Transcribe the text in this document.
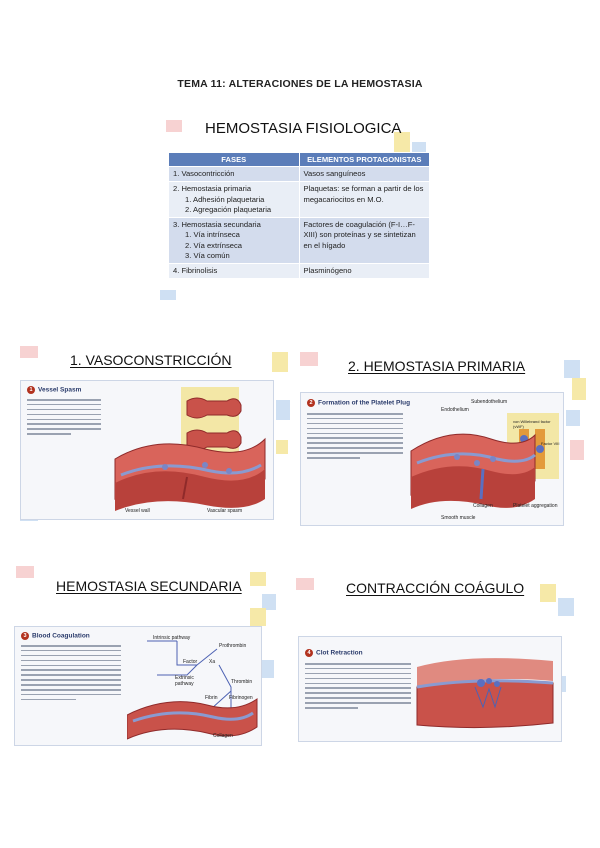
TEMA 11: ALTERACIONES DE LA HEMOSTASIA
HEMOSTASIA FISIOLOGICA
FASES	ELEMENTOS PROTAGONISTAS

1. Vasocontricción	Vasos sanguíneos

2. Hemostasia primaria
1. Adhesión plaquetaria
2. Agregación plaquetaria	Plaquetas: se forman a partir de los megacariocitos en M.O.

3. Hemostasia secundaria
1. Vía intrínseca
2. Vía extrínseca
3. Vía común	Factores de coagulación (F-I…F-XIII) son proteínas y se sintetizan en el hígado

4. Fibrinolisis	Plasminógeno
1. VASOCONSTRICCIÓN
1 Vessel Spasm
Vessel wall	Vascular spasm
2. HEMOSTASIA PRIMARIA
2 Formation of the Platelet Plug	Subendothelium
Endothelium
von Willebrand factor (vWF)
Factor VIII
Collagen	Platelet aggregation
Smooth muscle
HEMOSTASIA SECUNDARIA
3 Blood Coagulation	Intrinsic pathway
Prothrombin
Factor Xa
Extrinsic pathway	Thrombin
Fibrin Fibrinogen
Collagen
CONTRACCIÓN COÁGULO
4 Clot Retraction
